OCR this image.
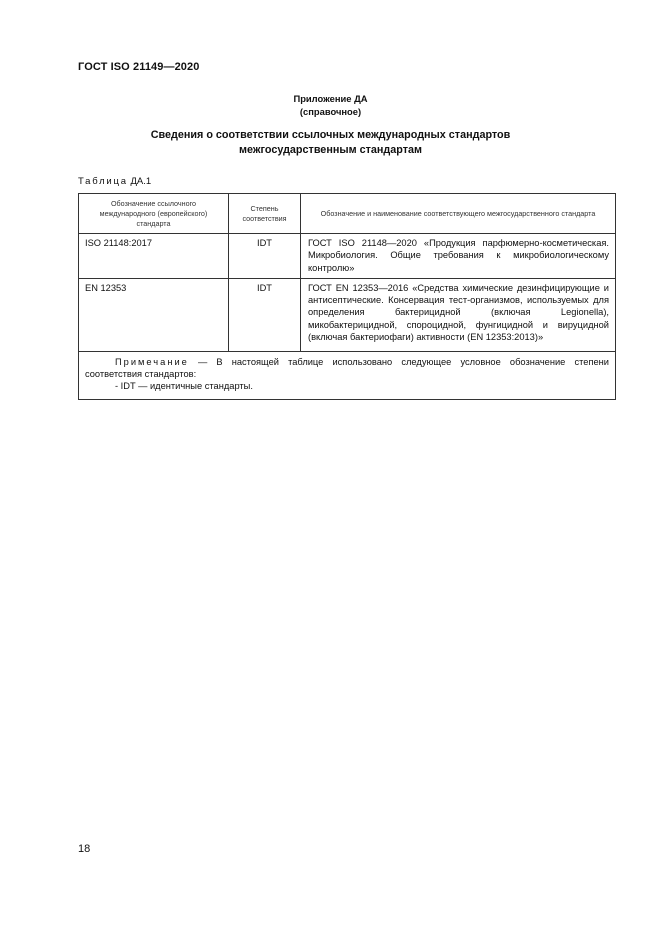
ГОСТ ISO 21149—2020
Приложение ДА
(справочное)
Сведения о соответствии ссылочных международных стандартов
межгосударственным стандартам
Таблица ДА.1
Обозначение ссылочного международного (европейского) стандарта	Степень соответствия	Обозначение и наименование соответствующего межгосударственного стандарта

ISO 21148:2017	IDT	ГОСТ ISO 21148—2020 «Продукция парфюмерно-косметическая. Микробиология. Общие требования к микробиологическому контролю»

EN 12353	IDT	ГОСТ EN 12353—2016 «Средства химические дезинфицирующие и антисептические. Консервация тест-организмов, используемых для определения бактерицидной (включая Legionella), микобактерицидной, спороцидной, фунгицидной и вируцидной (включая бактериофаги) активности (EN 12353:2013)»

Примечание — В настоящей таблице использовано следующее условное обозначение степени соответствия стандартов:
- IDT — идентичные стандарты.		
18
